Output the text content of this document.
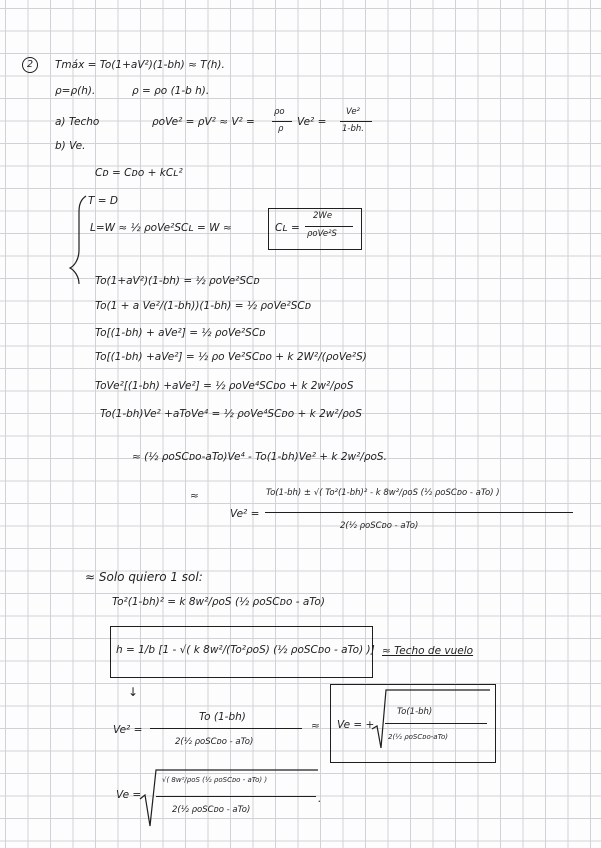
2	Tmáx = To(1+aV²)(1-bh) ≈ T(h).
ρ=ρ(h).	ρ = ρo (1-b h).
a) Techo	ρoVe² = ρV² ≈ V² =
ρo
ρ
Ve² =
Ve²
1-bh.
b) Ve.
Cᴅ = Cᴅo + kCʟ²
T = D
L=W ≈ ½ ρoVe²SCʟ = W ≈	Cʟ =
2We
ρoVe²S
To(1+aV²)(1-bh) = ½ ρoVe²SCᴅ
To(1 + a Ve²/(1-bh))(1-bh) = ½ ρoVe²SCᴅ
To[(1-bh) + aVe²] = ½ ρoVe²SCᴅ
To[(1-bh) +aVe²] = ½ ρo Ve²SCᴅo + k 2W²/(ρoVe²S)
ToVe²[(1-bh) +aVe²] = ½ ρoVe⁴SCᴅo + k 2w²/ρoS
To(1-bh)Ve² +aToVe⁴ = ½ ρoVe⁴SCᴅo + k 2w²/ρoS
≈ (½ ρoSCᴅo-aTo)Ve⁴ - To(1-bh)Ve² + k 2w²/ρoS.
≈
Ve² =
To(1-bh) ± √( To²(1-bh)² - k 8w²/ρoS (½ ρoSCᴅo - aTo) )
2(½ ρoSCᴅo - aTo)
≈ Solo quiero 1 sol:
To²(1-bh)² = k 8w²/ρoS (½ ρoSCᴅo - aTo)
h = 1/b [1 - √( k 8w²/(To²ρoS) (½ ρoSCᴅo - aTo) )] ≈ Techo de vuelo
↓
Ve² =
To (1-bh)
2(½ ρoSCᴅo - aTo)
≈ Ve = +
To(1-bh)
2(½ ρoSCᴅo-aTo)
Ve =
√( 8w²/ρoS (½ ρoSCᴅo - aTo) )
2(½ ρoSCᴅo - aTo)
.
